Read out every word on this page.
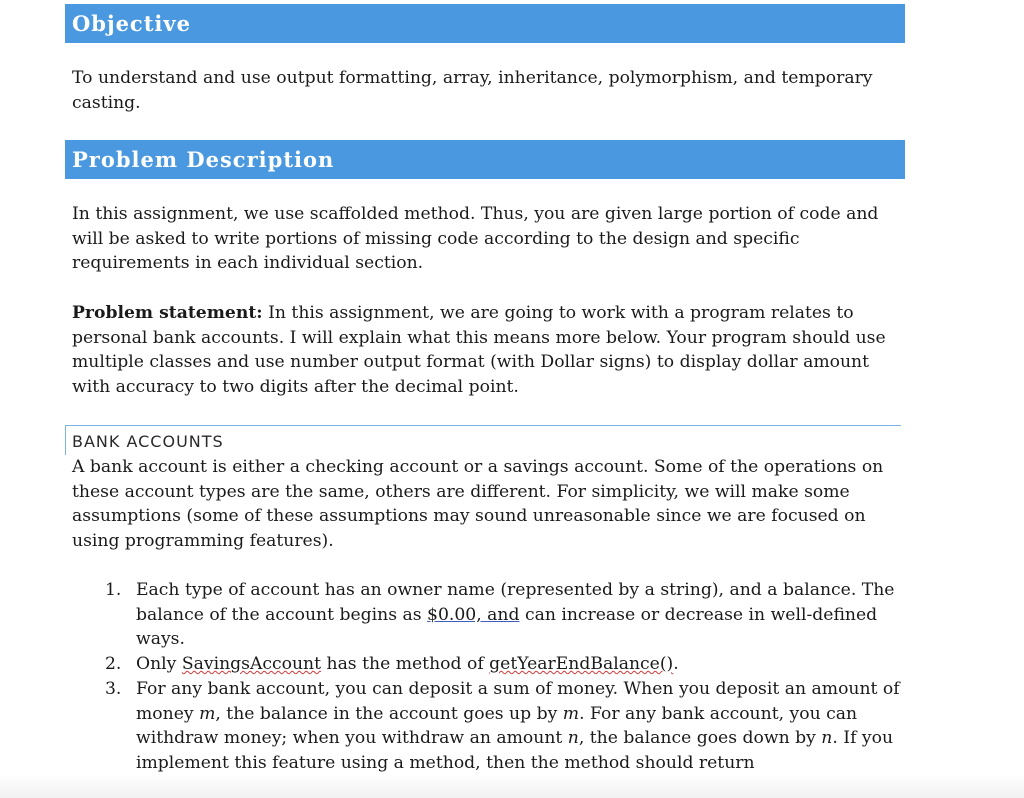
Objective

To understand and use output formatting, array, inheritance, polymorphism, and temporary casting.

Problem Description

In this assignment, we use scaffolded method. Thus, you are given large portion of code and will be asked to write portions of missing code according to the design and specific requirements in each individual section.

Problem statement: In this assignment, we are going to work with a program relates to personal bank accounts. I will explain what this means more below. Your program should use multiple classes and use number output format (with Dollar signs) to display dollar amount with accuracy to two digits after the decimal point.

BANK ACCOUNTS

A bank account is either a checking account or a savings account. Some of the operations on these account types are the same, others are different. For simplicity, we will make some assumptions (some of these assumptions may sound unreasonable since we are focused on using programming features).

1. Each type of account has an owner name (represented by a string), and a balance. The balance of the account begins as $0.00, and can increase or decrease in well-defined ways.
2. Only SavingsAccount has the method of getYearEndBalance().
3. For any bank account, you can deposit a sum of money. When you deposit an amount of money m, the balance in the account goes up by m. For any bank account, you can withdraw money; when you withdraw an amount n, the balance goes down by n. If you implement this feature using a method, then the method should return
